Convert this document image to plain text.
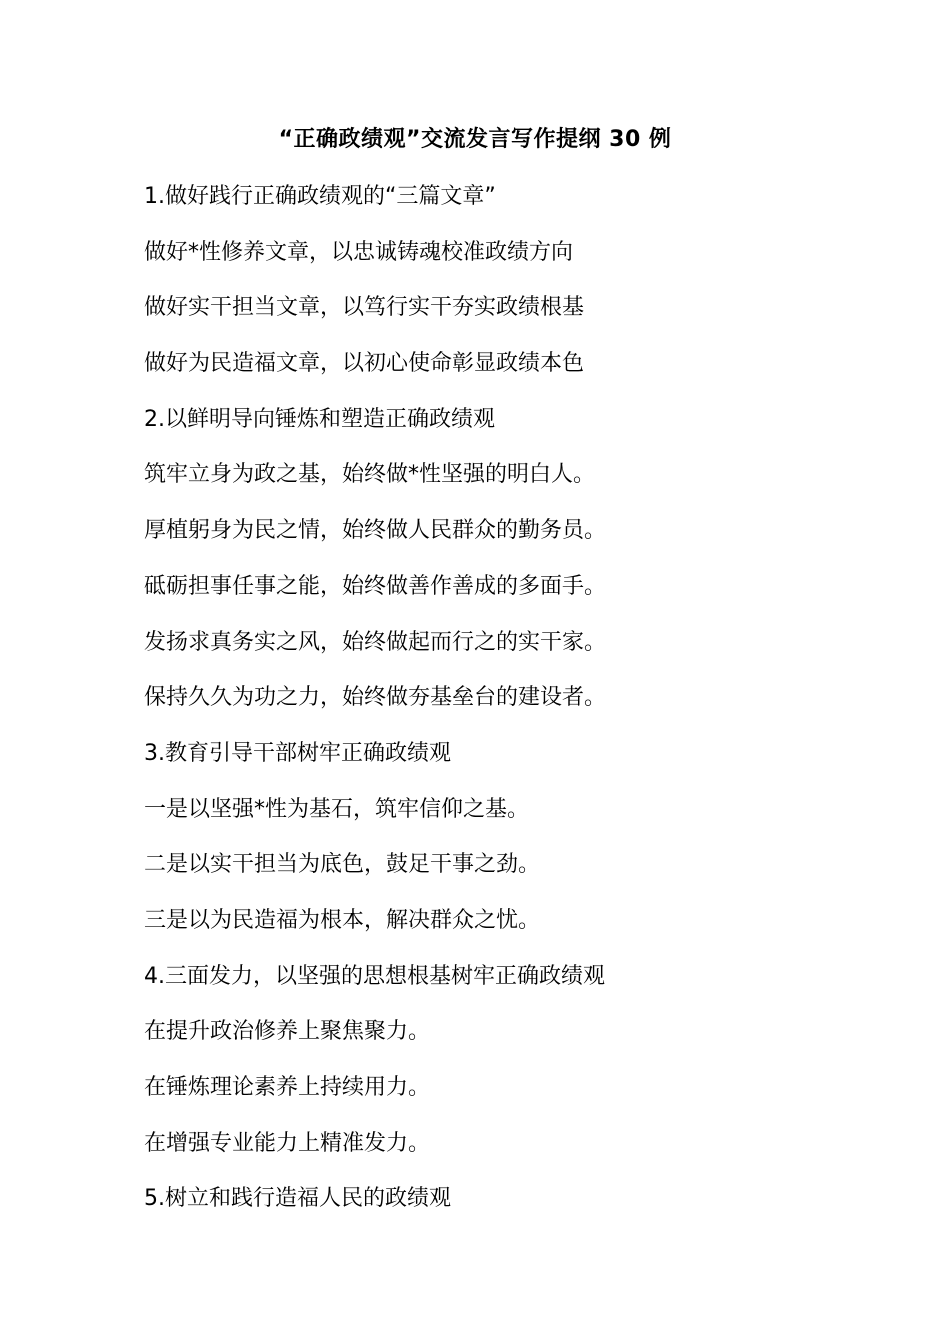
“正确政绩观”交流发言写作提纲 30 例
1.做好践行正确政绩观的“三篇文章”
做好*性修养文章，以忠诚铸魂校准政绩方向
做好实干担当文章，以笃行实干夯实政绩根基
做好为民造福文章，以初心使命彰显政绩本色
2.以鲜明导向锤炼和塑造正确政绩观
筑牢立身为政之基，始终做*性坚强的明白人。
厚植躬身为民之情，始终做人民群众的勤务员。
砥砺担事任事之能，始终做善作善成的多面手。
发扬求真务实之风，始终做起而行之的实干家。
保持久久为功之力，始终做夯基垒台的建设者。
3.教育引导干部树牢正确政绩观
一是以坚强*性为基石，筑牢信仰之基。
二是以实干担当为底色，鼓足干事之劲。
三是以为民造福为根本，解决群众之忧。
4.三面发力，以坚强的思想根基树牢正确政绩观
在提升政治修养上聚焦聚力。
在锤炼理论素养上持续用力。
在增强专业能力上精准发力。
5.树立和践行造福人民的政绩观
